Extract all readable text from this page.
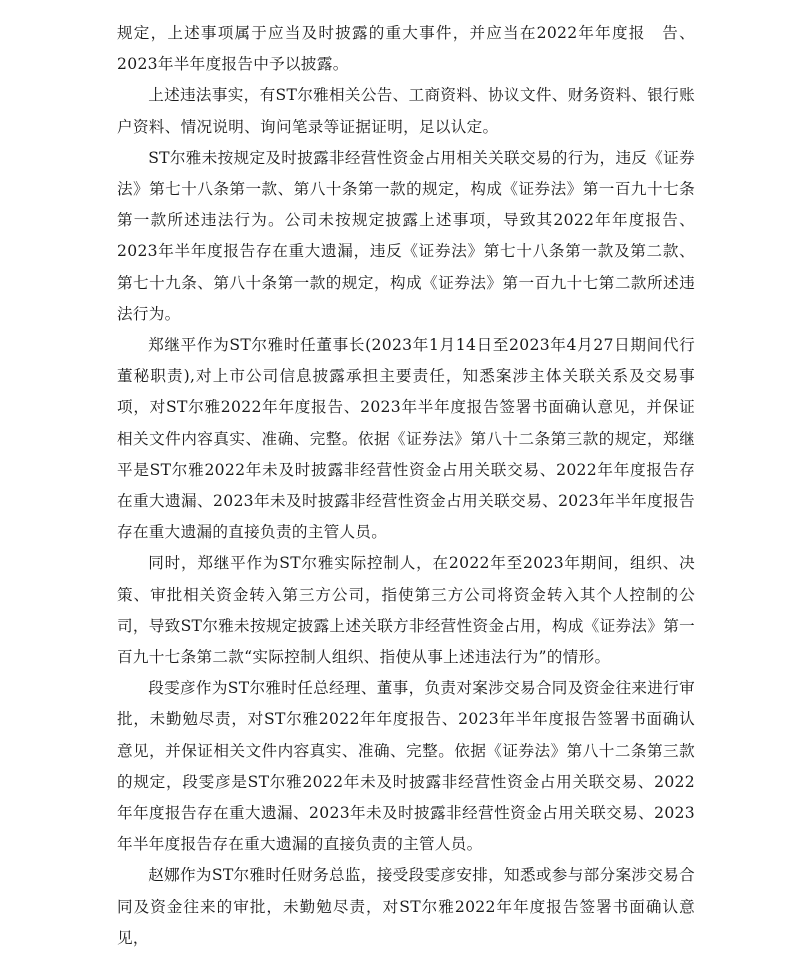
规定，上述事项属于应当及时披露的重大事件，并应当在2022年年度报　告、2023年半年度报告中予以披露。

上述违法事实，有ST尔雅相关公告、工商资料、协议文件、财务资料、银行账户资料、情况说明、询问笔录等证据证明，足以认定。

ST尔雅未按规定及时披露非经营性资金占用相关关联交易的行为，违反《证券法》第七十八条第一款、第八十条第一款的规定，构成《证券法》第一百九十七条第一款所述违法行为。公司未按规定披露上述事项，导致其2022年年度报告、2023年半年度报告存在重大遗漏，违反《证券法》第七十八条第一款及第二款、第七十九条、第八十条第一款的规定，构成《证券法》第一百九十七第二款所述违法行为。

郑继平作为ST尔雅时任董事长(2023年1月14日至2023年4月27日期间代行董秘职责),对上市公司信息披露承担主要责任，知悉案涉主体关联关系及交易事项，对ST尔雅2022年年度报告、2023年半年度报告签署书面确认意见，并保证相关文件内容真实、准确、完整。依据《证券法》第八十二条第三款的规定，郑继平是ST尔雅2022年未及时披露非经营性资金占用关联交易、2022年年度报告存在重大遗漏、2023年未及时披露非经营性资金占用关联交易、2023年半年度报告存在重大遗漏的直接负责的主管人员。

同时，郑继平作为ST尔雅实际控制人，在2022年至2023年期间，组织、决策、审批相关资金转入第三方公司，指使第三方公司将资金转入其个人控制的公司，导致ST尔雅未按规定披露上述关联方非经营性资金占用，构成《证券法》第一百九十七条第二款“实际控制人组织、指使从事上述违法行为”的情形。

段雯彦作为ST尔雅时任总经理、董事，负责对案涉交易合同及资金往来进行审批，未勤勉尽责，对ST尔雅2022年年度报告、2023年半年度报告签署书面确认意见，并保证相关文件内容真实、准确、完整。依据《证券法》第八十二条第三款的规定，段雯彦是ST尔雅2022年未及时披露非经营性资金占用关联交易、2022年年度报告存在重大遗漏、2023年未及时披露非经营性资金占用关联交易、2023年半年度报告存在重大遗漏的直接负责的主管人员。

赵娜作为ST尔雅时任财务总监，接受段雯彦安排，知悉或参与部分案涉交易合同及资金往来的审批，未勤勉尽责，对ST尔雅2022年年度报告签署书面确认意见，
